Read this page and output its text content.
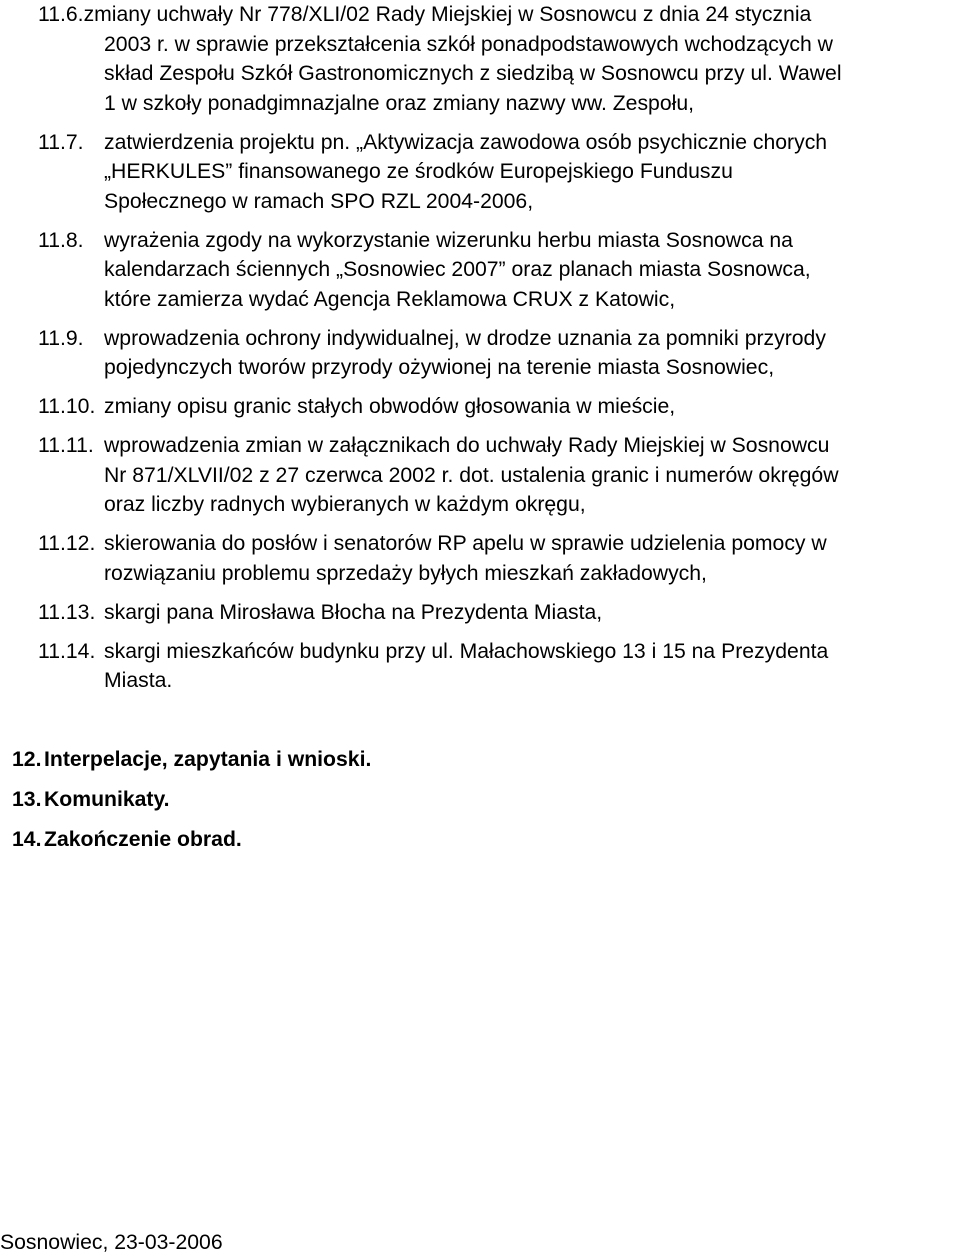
11.6.zmiany uchwały Nr 778/XLI/02 Rady Miejskiej w Sosnowcu z dnia 24 stycznia
2003 r. w sprawie przekształcenia szkół ponadpodstawowych wchodzących w
skład Zespołu Szkół Gastronomicznych z siedzibą w Sosnowcu przy ul. Wawel
1 w szkoły ponadgimnazjalne oraz zmiany nazwy ww. Zespołu,
11.7. zatwierdzenia projektu pn. „Aktywizacja zawodowa osób psychicznie chorych
„HERKULES” finansowanego ze środków Europejskiego Funduszu
Społecznego w ramach SPO RZL 2004-2006,
11.8. wyrażenia zgody na wykorzystanie wizerunku herbu miasta Sosnowca na
kalendarzach ściennych „Sosnowiec 2007” oraz planach miasta Sosnowca,
które zamierza wydać Agencja Reklamowa CRUX z Katowic,
11.9. wprowadzenia ochrony indywidualnej, w drodze uznania za pomniki przyrody
pojedynczych tworów przyrody ożywionej na terenie miasta Sosnowiec,
11.10. zmiany opisu granic stałych obwodów głosowania w mieście,
11.11. wprowadzenia zmian w załącznikach do uchwały Rady Miejskiej w Sosnowcu
Nr 871/XLVII/02 z 27 czerwca 2002 r. dot. ustalenia granic i numerów okręgów
oraz liczby radnych wybieranych w każdym okręgu,
11.12. skierowania do posłów i senatorów RP apelu w sprawie udzielenia pomocy w
rozwiązaniu problemu sprzedaży byłych mieszkań zakładowych,
11.13. skargi pana Mirosława Błocha na Prezydenta Miasta,
11.14. skargi mieszkańców budynku przy ul. Małachowskiego 13 i 15 na Prezydenta
Miasta.
12. Interpelacje, zapytania i wnioski.
13. Komunikaty.
14. Zakończenie obrad.
Sosnowiec, 23-03-2006
